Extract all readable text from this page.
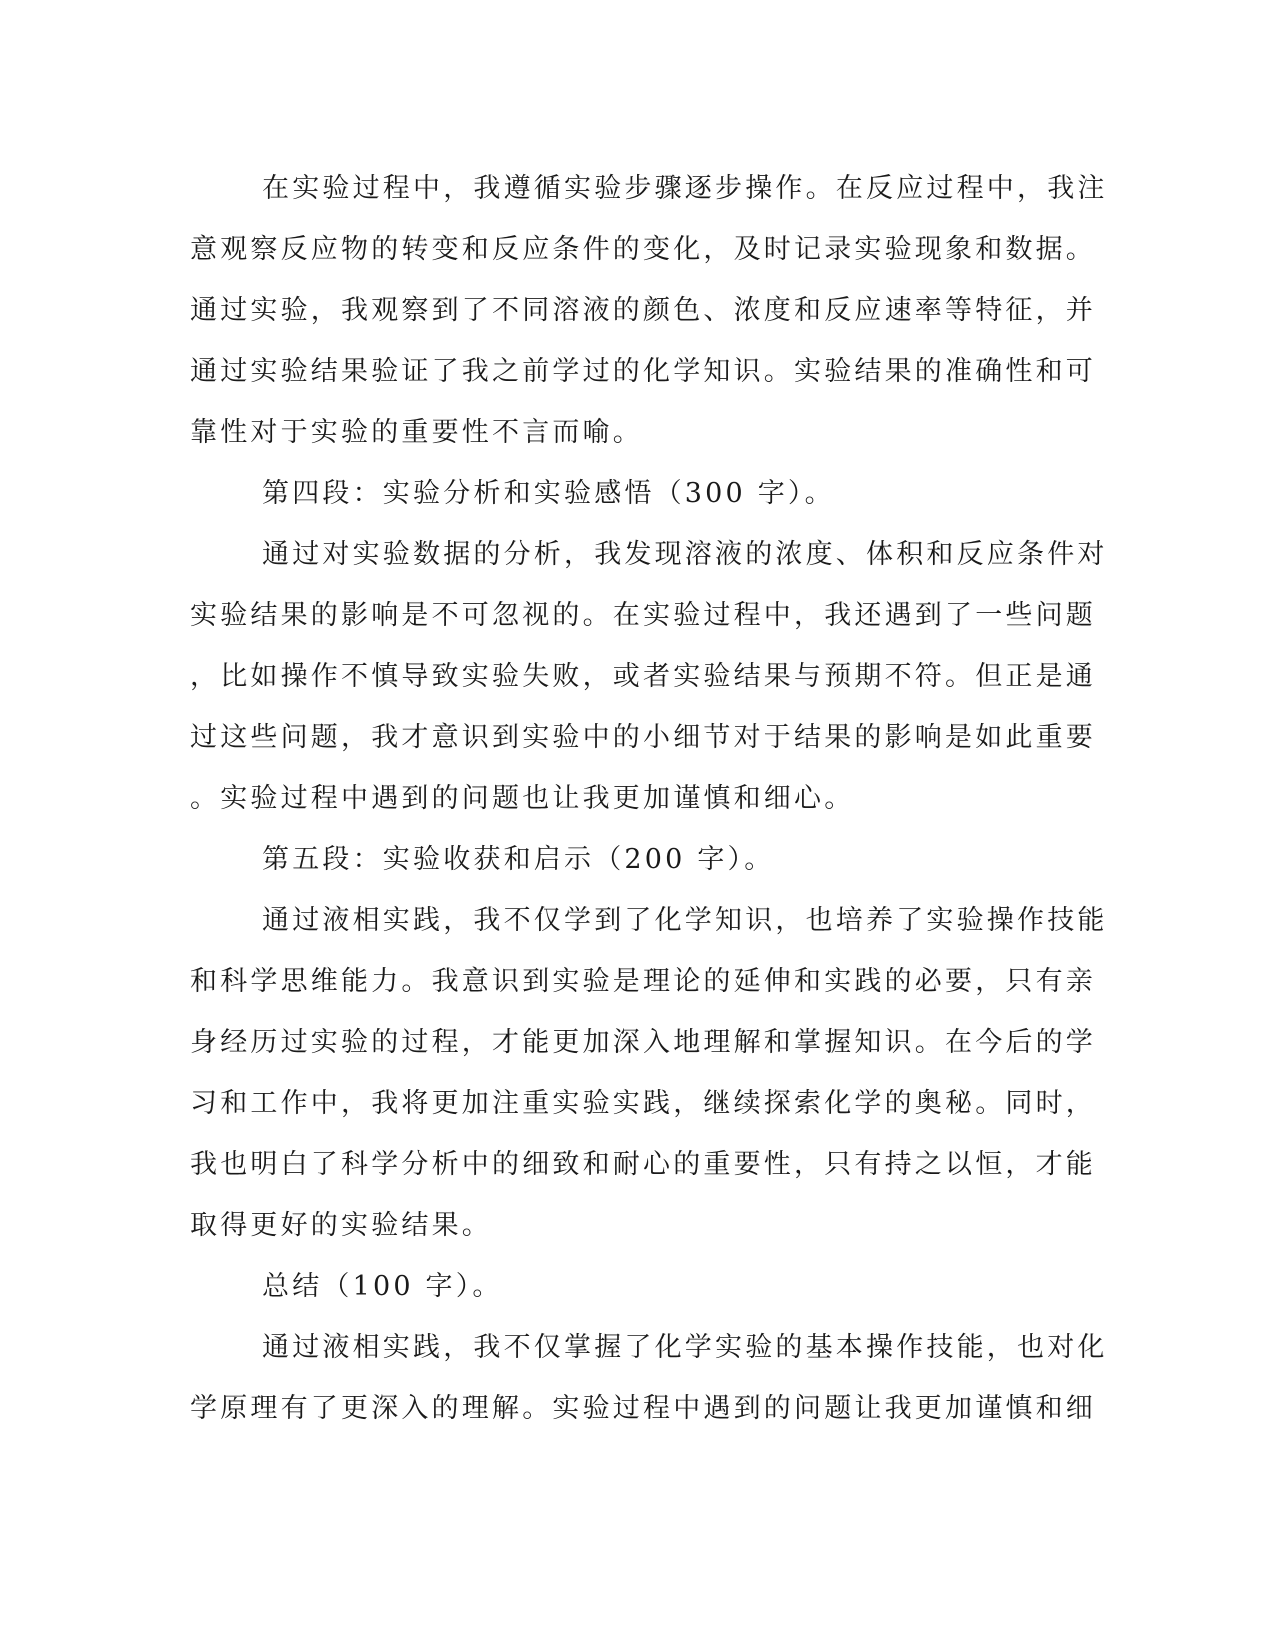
在实验过程中，我遵循实验步骤逐步操作。在反应过程中，我注
意观察反应物的转变和反应条件的变化，及时记录实验现象和数据。
通过实验，我观察到了不同溶液的颜色、浓度和反应速率等特征，并
通过实验结果验证了我之前学过的化学知识。实验结果的准确性和可
靠性对于实验的重要性不言而喻。
第四段：实验分析和实验感悟（300 字）。
通过对实验数据的分析，我发现溶液的浓度、体积和反应条件对
实验结果的影响是不可忽视的。在实验过程中，我还遇到了一些问题
，比如操作不慎导致实验失败，或者实验结果与预期不符。但正是通
过这些问题，我才意识到实验中的小细节对于结果的影响是如此重要
。实验过程中遇到的问题也让我更加谨慎和细心。
第五段：实验收获和启示（200 字）。
通过液相实践，我不仅学到了化学知识，也培养了实验操作技能
和科学思维能力。我意识到实验是理论的延伸和实践的必要，只有亲
身经历过实验的过程，才能更加深入地理解和掌握知识。在今后的学
习和工作中，我将更加注重实验实践，继续探索化学的奥秘。同时，
我也明白了科学分析中的细致和耐心的重要性，只有持之以恒，才能
取得更好的实验结果。
总结（100 字）。
通过液相实践，我不仅掌握了化学实验的基本操作技能，也对化
学原理有了更深入的理解。实验过程中遇到的问题让我更加谨慎和细
